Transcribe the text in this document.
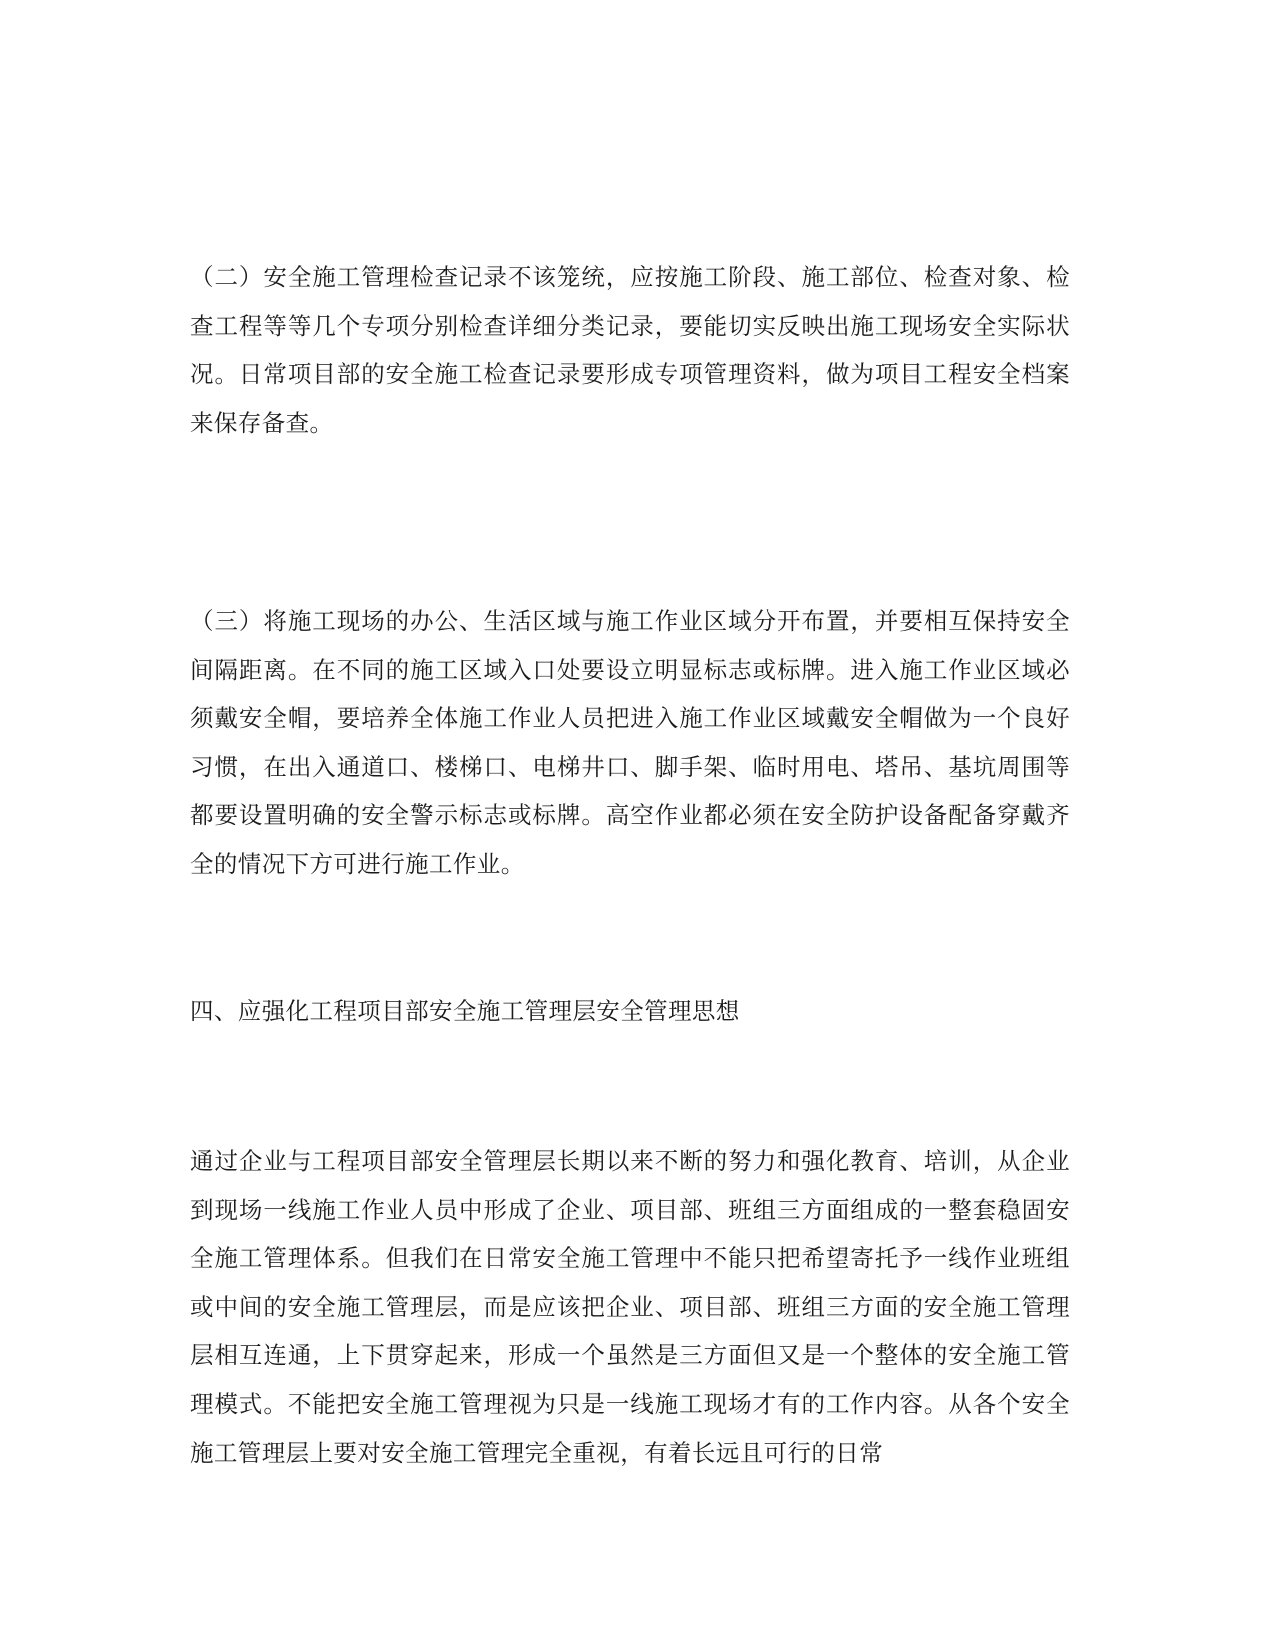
（二）安全施工管理检查记录不该笼统，应按施工阶段、施工部位、检查对象、检查工程等等几个专项分别检查详细分类记录，要能切实反映出施工现场安全实际状况。日常项目部的安全施工检查记录要形成专项管理资料，做为项目工程安全档案来保存备查。

（三）将施工现场的办公、生活区域与施工作业区域分开布置，并要相互保持安全间隔距离。在不同的施工区域入口处要设立明显标志或标牌。进入施工作业区域必须戴安全帽，要培养全体施工作业人员把进入施工作业区域戴安全帽做为一个良好习惯，在出入通道口、楼梯口、电梯井口、脚手架、临时用电、塔吊、基坑周围等都要设置明确的安全警示标志或标牌。高空作业都必须在安全防护设备配备穿戴齐全的情况下方可进行施工作业。

四、应强化工程项目部安全施工管理层安全管理思想

通过企业与工程项目部安全管理层长期以来不断的努力和强化教育、培训，从企业到现场一线施工作业人员中形成了企业、项目部、班组三方面组成的一整套稳固安全施工管理体系。但我们在日常安全施工管理中不能只把希望寄托予一线作业班组或中间的安全施工管理层，而是应该把企业、项目部、班组三方面的安全施工管理层相互连通，上下贯穿起来，形成一个虽然是三方面但又是一个整体的安全施工管理模式。不能把安全施工管理视为只是一线施工现场才有的工作内容。从各个安全施工管理层上要对安全施工管理完全重视，有着长远且可行的日常
